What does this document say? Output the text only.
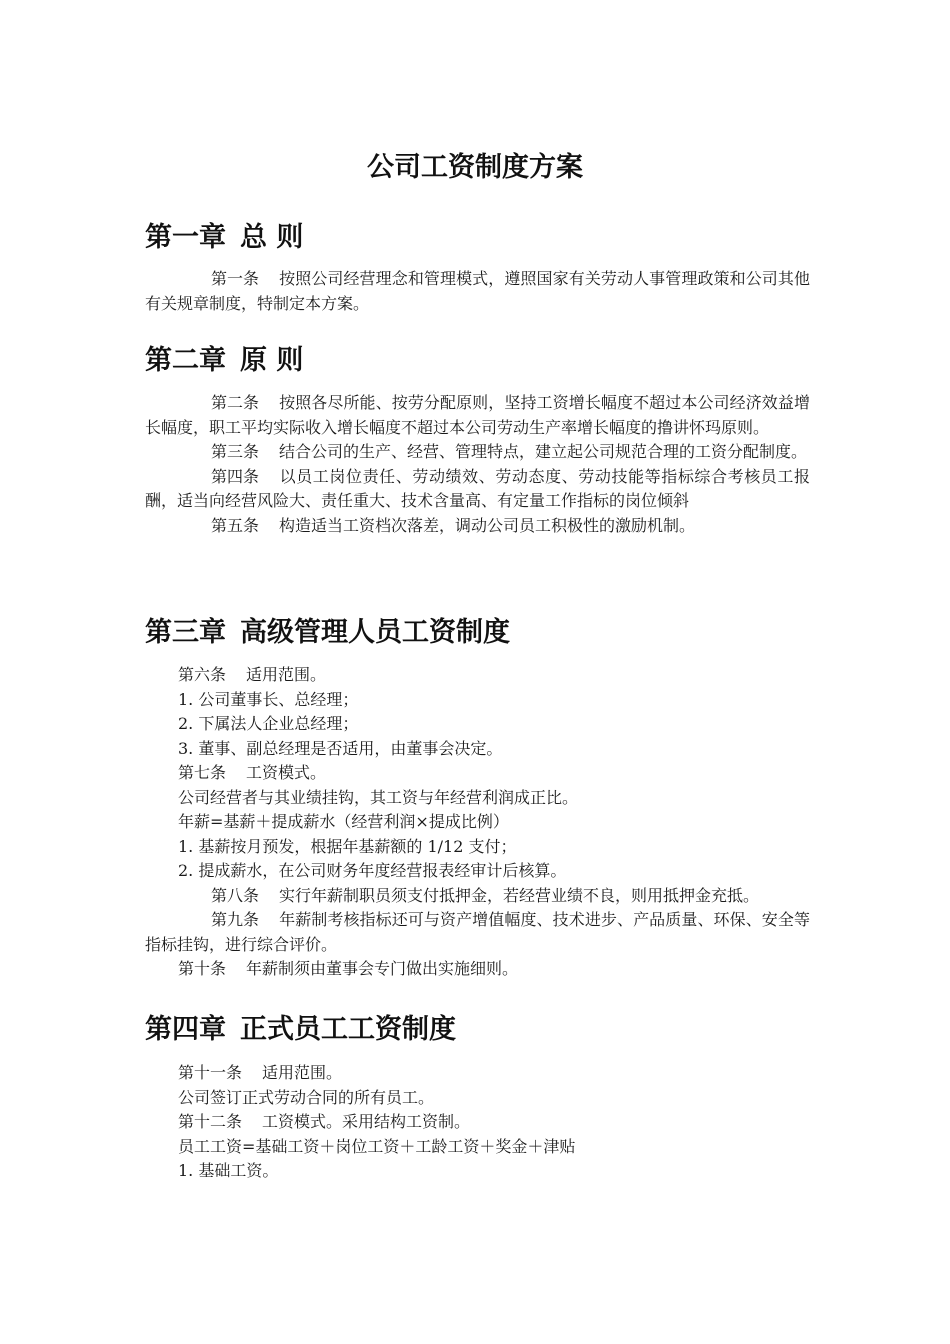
公司工资制度方案
第一章 总 则

第一条 按照公司经营理念和管理模式，遵照国家有关劳动人事管理政策和公司其他有关规章制度，特制定本方案。

第二章 原 则

第二条 按照各尽所能、按劳分配原则，坚持工资增长幅度不超过本公司经济效益增长幅度，职工平均实际收入增长幅度不超过本公司劳动生产率增长幅度的撸讲怀玛原则。

第三条 结合公司的生产、经营、管理特点，建立起公司规范合理的工资分配制度。

第四条 以员工岗位责任、劳动绩效、劳动态度、劳动技能等指标综合考核员工报酬，适当向经营风险大、责任重大、技术含量高、有定量工作指标的岗位倾斜

第五条 构造适当工资档次落差，调动公司员工积极性的激励机制。

第三章 高级管理人员工资制度

第六条 适用范围。

1. 公司董事长、总经理；

2. 下属法人企业总经理；

3. 董事、副总经理是否适用，由董事会决定。

第七条 工资模式。

公司经营者与其业绩挂钩，其工资与年经营利润成正比。

年薪=基薪＋提成薪水（经营利润×提成比例）

1. 基薪按月预发，根据年基薪额的 1/12 支付；

2. 提成薪水，在公司财务年度经营报表经审计后核算。

第八条 实行年薪制职员须支付抵押金，若经营业绩不良，则用抵押金充抵。

第九条 年薪制考核指标还可与资产增值幅度、技术进步、产品质量、环保、安全等指标挂钩，进行综合评价。

第十条 年薪制须由董事会专门做出实施细则。

第四章 正式员工工资制度

第十一条 适用范围。

公司签订正式劳动合同的所有员工。

第十二条 工资模式。采用结构工资制。

员工工资=基础工资＋岗位工资＋工龄工资＋奖金＋津贴

1. 基础工资。
